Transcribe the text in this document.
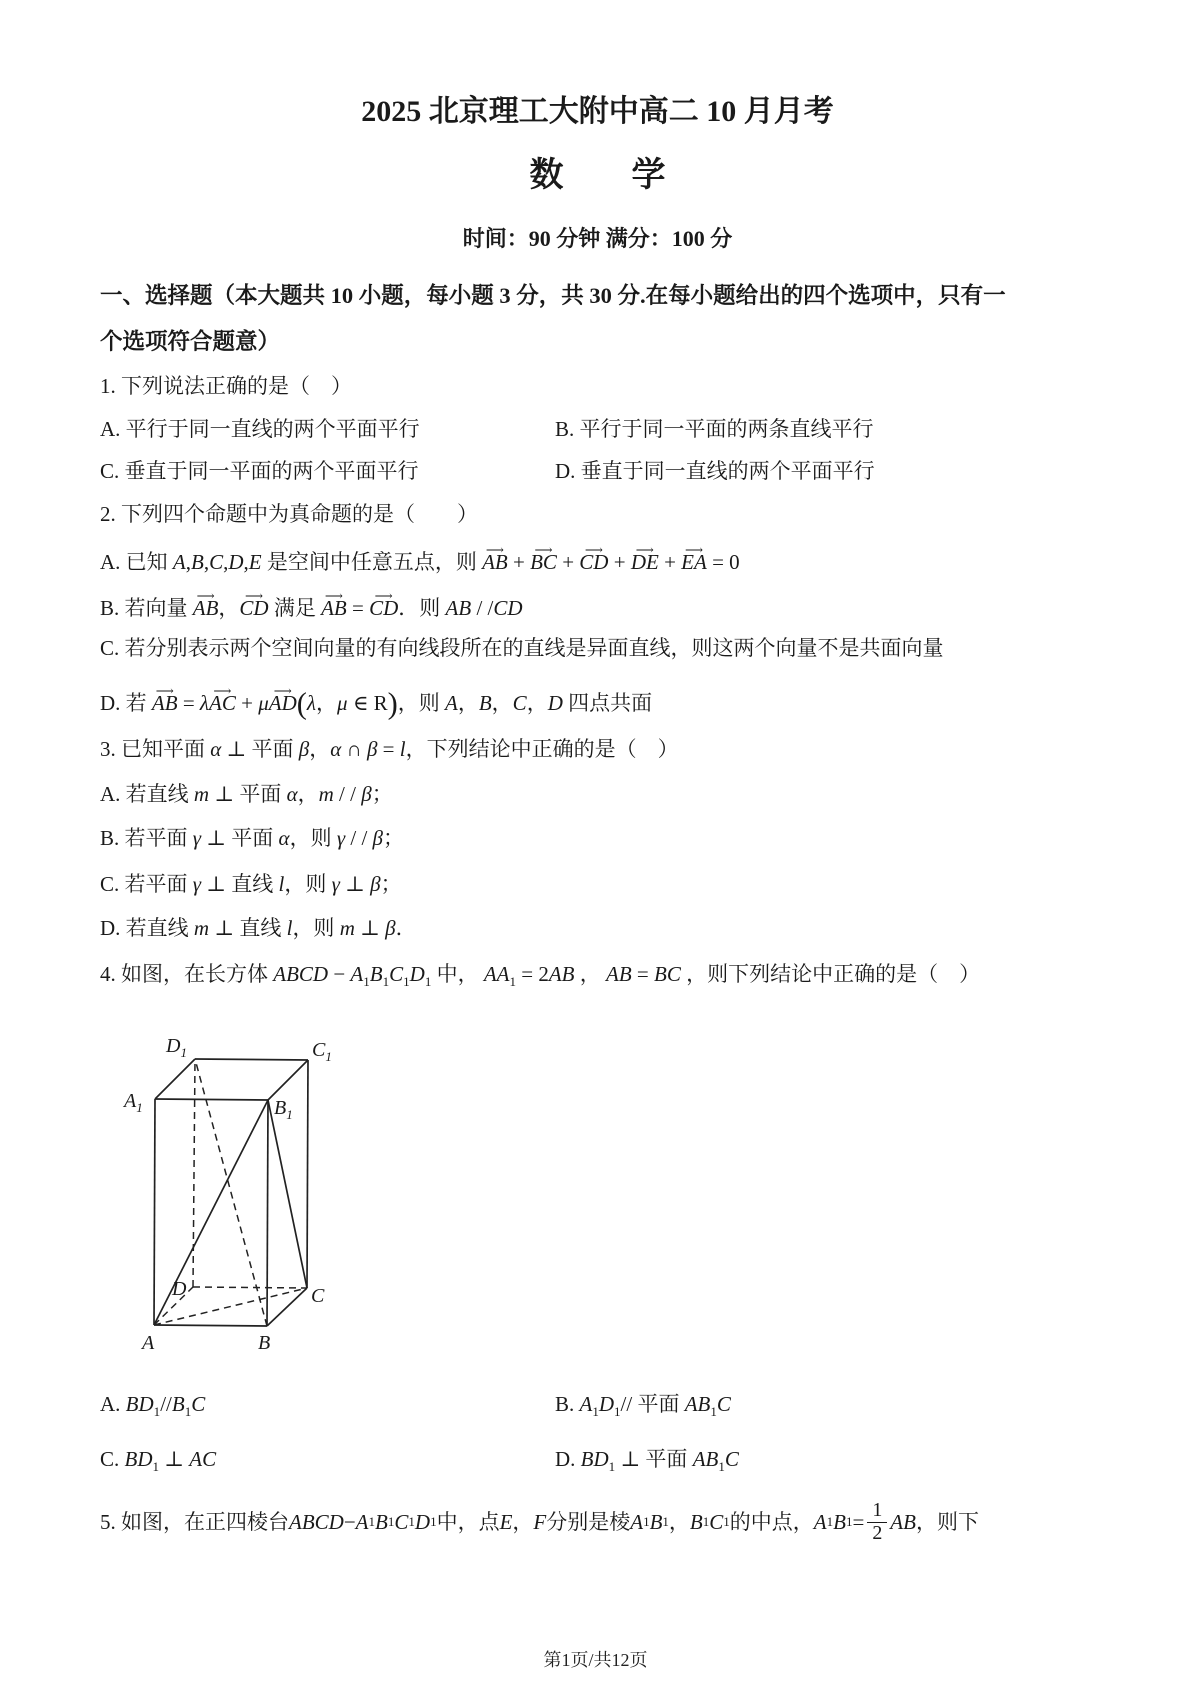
2025 北京理工大附中高二 10 月月考
数　　学
时间：90 分钟 满分：100 分
一、选择题（本大题共 10 小题，每小题 3 分，共 30 分.在每小题给出的四个选项中，只有一
个选项符合题意）
1. 下列说法正确的是（　）
A. 平行于同一直线的两个平面平行	B. 平行于同一平面的两条直线平行
C. 垂直于同一平面的两个平面平行	D. 垂直于同一直线的两个平面平行
2. 下列四个命题中为真命题的是（　　）
A. 已知 A,B,C,D,E 是空间中任意五点，则 AB ⟶ + BC ⟶ + CD ⟶ + DE ⟶ + EA ⟶ = 0
B. 若向量 AB ⟶，CD ⟶ 满足 AB ⟶ = CD ⟶．则 AB / /CD
C. 若分别表示两个空间向量的有向线段所在的直线是异面直线，则这两个向量不是共面向量
D. 若 AB ⟶ = λAC ⟶ + μAD ⟶(λ，μ ∈ R)，则 A，B，C，D 四点共面
3. 已知平面 α ⊥ 平面 β，α ∩ β = l，下列结论中正确的是（　）
A. 若直线 m ⊥ 平面 α，m / / β；
B. 若平面 γ ⊥ 平面 α，则 γ / / β；
C. 若平面 γ ⊥ 直线 l，则 γ ⊥ β；
D. 若直线 m ⊥ 直线 l，则 m ⊥ β．
4. 如图，在长方体 ABCD − $A_1B_1C_1D_1$ 中， $AA_1 = 2AB$ ， AB = BC ，则下列结论中正确的是（　）
$D_1$	$C_1$
$A_1$	$B_1$
D	C
A	B
A. $BD_1//B_1C$	B. $A_1D_1//$ 平面 $AB_1C$
C. $BD_1$ ⊥ AC	D. $BD_1$ ⊥ 平面 $AB_1C$
5. 如图，在正四棱台 ABCD − A 1 B 1 C 1 D 1 中，点 E ， F 分别是棱 A 1 B 1 ， B 1 C 1 的中点， A 1 B $1 = \frac{1}{2}$ AB ，则下
第1页/共12页
